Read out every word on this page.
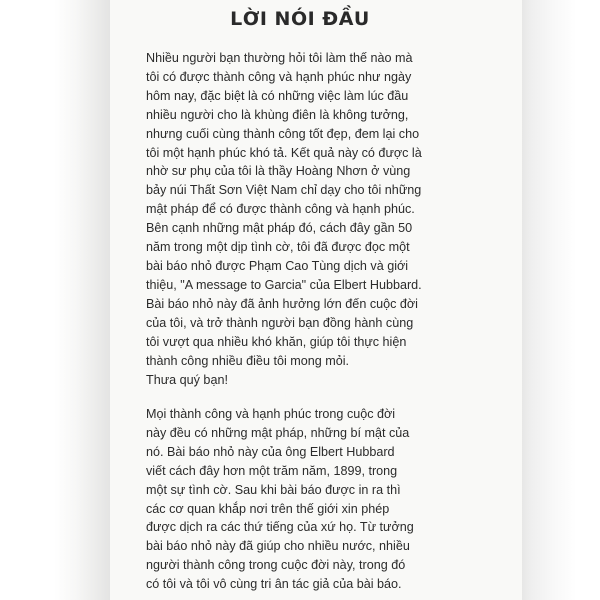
LỜI NÓI ĐẦU
Nhiều người bạn thường hỏi tôi làm thế nào mà
tôi có được thành công và hạnh phúc như ngày
hôm nay, đặc biệt là có những việc làm lúc đầu
nhiều người cho là khùng điên là không tưởng,
nhưng cuối cùng thành công tốt đẹp, đem lại cho
tôi một hạnh phúc khó tả. Kết quả này có được là
nhờ sư phụ của tôi là thầy Hoàng Nhơn ở vùng
bảy núi Thất Sơn Việt Nam chỉ dạy cho tôi những
mật pháp để có được thành công và hạnh phúc.
Bên cạnh những mật pháp đó, cách đây gần 50
năm trong một dịp tình cờ, tôi đã được đọc một
bài báo nhỏ được Phạm Cao Tùng dịch và giới
thiệu, "A message to Garcia" của Elbert Hubbard.
Bài báo nhỏ này đã ảnh hưởng lớn đến cuộc đời
của tôi, và trở thành người bạn đồng hành cùng
tôi vượt qua nhiều khó khăn, giúp tôi thực hiện
thành công nhiều điều tôi mong mỏi.
Thưa quý bạn!
Mọi thành công và hạnh phúc trong cuộc đời
này đều có những mật pháp, những bí mật của
nó. Bài báo nhỏ này của ông Elbert Hubbard
viết cách đây hơn một trăm năm, 1899, trong
một sự tình cờ. Sau khi bài báo được in ra thì
các cơ quan khắp nơi trên thế giới xin phép
được dịch ra các thứ tiếng của xứ họ. Từ tưởng
bài báo nhỏ này đã giúp cho nhiều nước, nhiều
người thành công trong cuộc đời này, trong đó
có tôi và tôi vô cùng tri ân tác giả của bài báo.
